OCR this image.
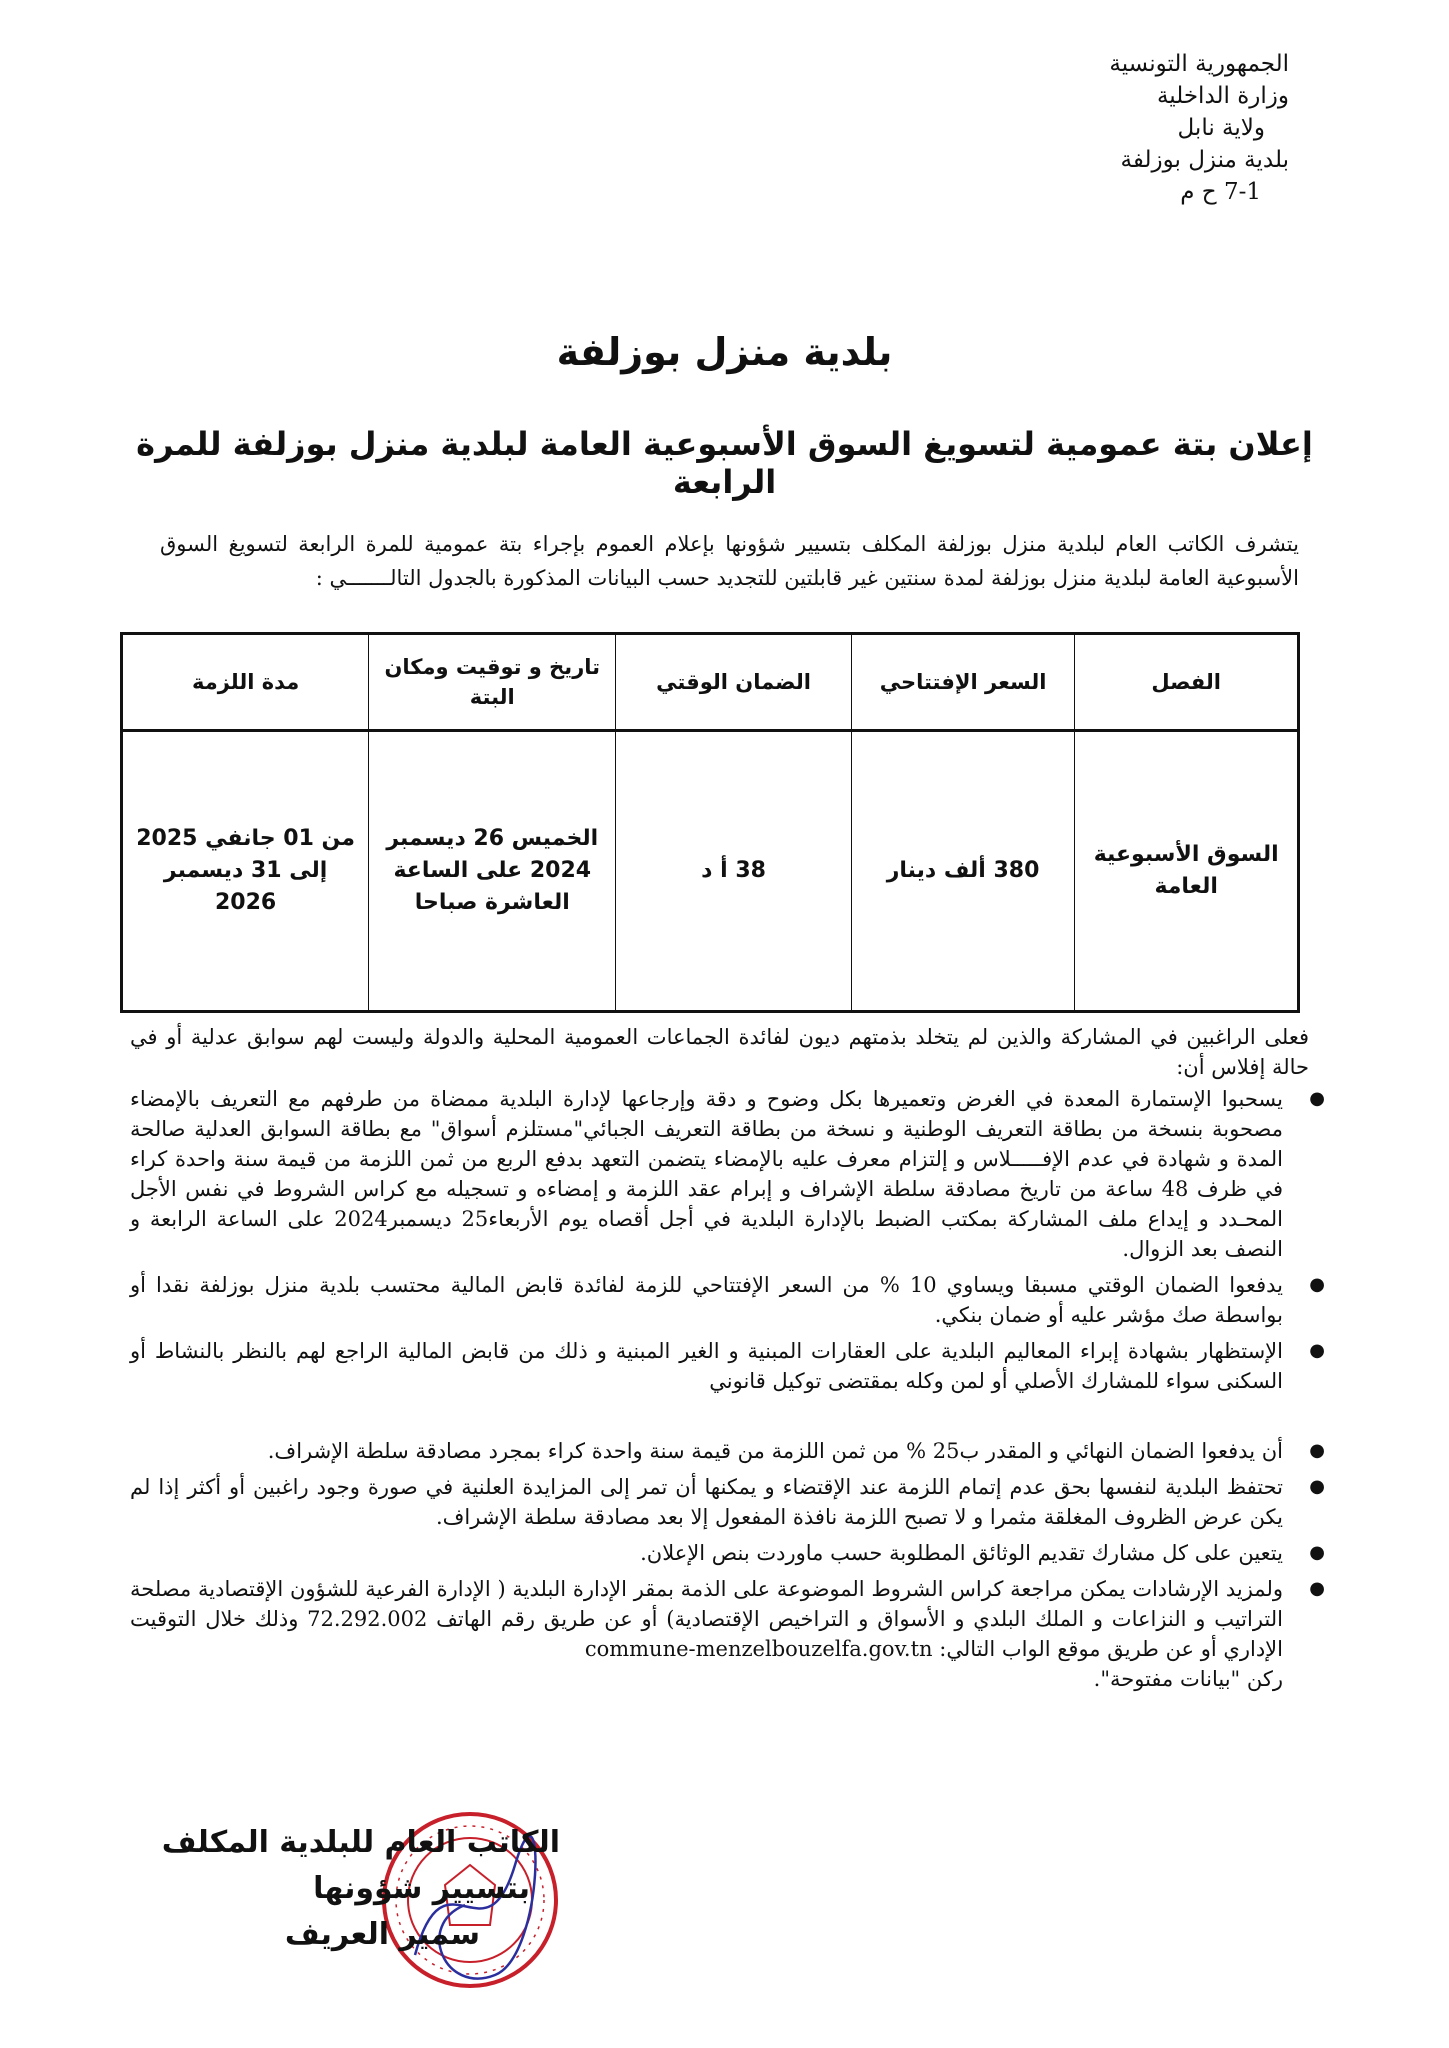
الجمهورية التونسية
وزارة الداخلية
ولاية نابل
بلدية منزل بوزلفة
7-1 ح م
بلدية منزل بوزلفة
إعلان بتة عمومية لتسويغ السوق الأسبوعية العامة لبلدية منزل بوزلفة للمرة الرابعة
يتشرف الكاتب العام لبلدية منزل بوزلفة المكلف بتسيير شؤونها بإعلام العموم بإجراء بتة عمومية للمرة الرابعة لتسويغ السوق الأسبوعية العامة لبلدية منزل بوزلفة لمدة سنتين غير قابلتين للتجديد حسب البيانات المذكورة بالجدول التالـــــــي :
الفصل	السعر الإفتتاحي	الضمان الوقتي	تاريخ و توقيت ومكان البتة	مدة اللزمة
السوق الأسبوعية العامة	380 ألف دينار	38 أ د	الخميس 26 ديسمبر 2024 على الساعة العاشرة صباحا	من 01 جانفي 2025 إلى 31 ديسمبر 2026

فعلى الراغبين في المشاركة والذين لم يتخلد بذمتهم ديون لفائدة الجماعات العمومية المحلية والدولة وليست لهم سوابق عدلية أو في حالة إفلاس أن:

●
يسحبوا الإستمارة المعدة في الغرض وتعميرها بكل وضوح و دقة وإرجاعها لإدارة البلدية ممضاة من طرفهم مع التعريف بالإمضاء مصحوبة بنسخة من بطاقة التعريف الوطنية و نسخة من بطاقة التعريف الجبائي"مستلزم أسواق" مع بطاقة السوابق العدلية صالحة المدة و شهادة في عدم الإفـــــلاس و إلتزام معرف عليه بالإمضاء يتضمن التعهد بدفع الربع من ثمن اللزمة من قيمة سنة واحدة كراء في ظرف 48 ساعة من تاريخ مصادقة سلطة الإشراف و إبرام عقد اللزمة و إمضاءه و تسجيله مع كراس الشروط في نفس الأجل المحـدد و إيداع ملف المشاركة بمكتب الضبط بالإدارة البلدية في أجل أقصاه يوم الأربعاء25 ديسمبر2024 على الساعة الرابعة و النصف بعد الزوال.
●
يدفعوا الضمان الوقتي مسبقا ويساوي 10 % من السعر الإفتتاحي للزمة لفائدة قابض المالية محتسب بلدية منزل بوزلفة نقدا أو بواسطة صك مؤشر عليه أو ضمان بنكي.
●
الإستظهار بشهادة إبراء المعاليم البلدية على العقارات المبنية و الغير المبنية و ذلك من قابض المالية الراجع لهم بالنظر بالنشاط أو السكنى سواء للمشارك الأصلي أو لمن وكله بمقتضى توكيل قانوني
●
أن يدفعوا الضمان النهائي و المقدر ب25 % من ثمن اللزمة من قيمة سنة واحدة كراء بمجرد مصادقة سلطة الإشراف.
●
تحتفظ البلدية لنفسها بحق عدم إتمام اللزمة عند الإقتضاء و يمكنها أن تمر إلى المزايدة العلنية في صورة وجود راغبين أو أكثر إذا لم يكن عرض الظروف المغلقة مثمرا و لا تصبح اللزمة نافذة المفعول إلا بعد مصادقة سلطة الإشراف.
●
يتعين على كل مشارك تقديم الوثائق المطلوبة حسب ماوردت بنص الإعلان.
●
ولمزيد الإرشادات يمكن مراجعة كراس الشروط الموضوعة على الذمة بمقر الإدارة البلدية ( الإدارة الفرعية للشؤون الإقتصادية مصلحة التراتيب و النزاعات و الملك البلدي و الأسواق و التراخيص الإقتصادية) أو عن طريق رقم الهاتف 72.292.002 وذلك خلال التوقيت الإداري أو عن طريق موقع الواب التالي: commune-menzelbouzelfa.gov.tn
ركن "بيانات مفتوحة".
الكاتب العام للبلدية المكلف
بتسيير شؤونها
سمير العريف
